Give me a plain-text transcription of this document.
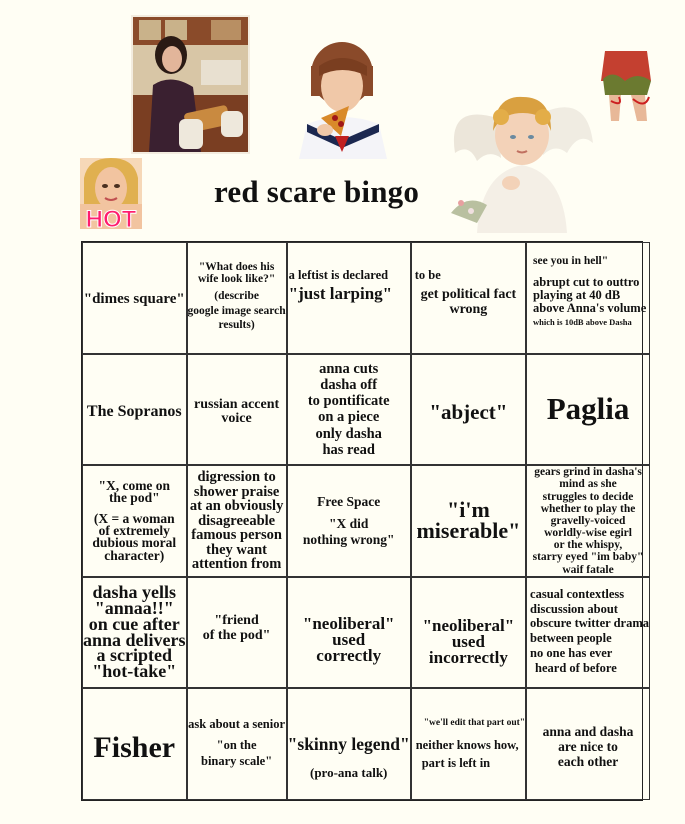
HOT
red scare bingo
"dimes square"
"What does his
wife look like?"
(describe
google image search
results)
a leftist is declared
"just larping"
to be
get political fact
wrong
see you in hell"
abrupt cut to outtro
playing at 40 dB
above Anna's volume
which is 10dB above Dasha
The Sopranos russian accent
voice
anna cuts
dasha off
to pontificate
on a piece
only dasha
has read
"abject" Paglia
"X, come on
the pod"
(X = a woman
of extremely
dubious moral
character)
digression to
shower praise
at an obviously
disagreeable
famous person
they want
attention from
Free Space
"X did
nothing wrong"
"i'm
miserable"
gears grind in dasha's
mind as she
struggles to decide
whether to play the
gravelly-voiced
worldly-wise egirl
or the whispy,
starry eyed "im baby"
waif fatale
dasha yells
"annaa!!"
on cue after
anna delivers
a scripted
"hot-take"
"friend
of the pod"
"neoliberal"
used
correctly
"neoliberal"
used
incorrectly
casual contextless
discussion about
obscure twitter drama
between people
no one has ever
heard of before
Fisher
ask about a senior
"on the
binary scale"
"skinny legend"
(pro-ana talk)
"we'll edit that part out"
neither knows how,
part is left in
anna and dasha
are nice to
each other
